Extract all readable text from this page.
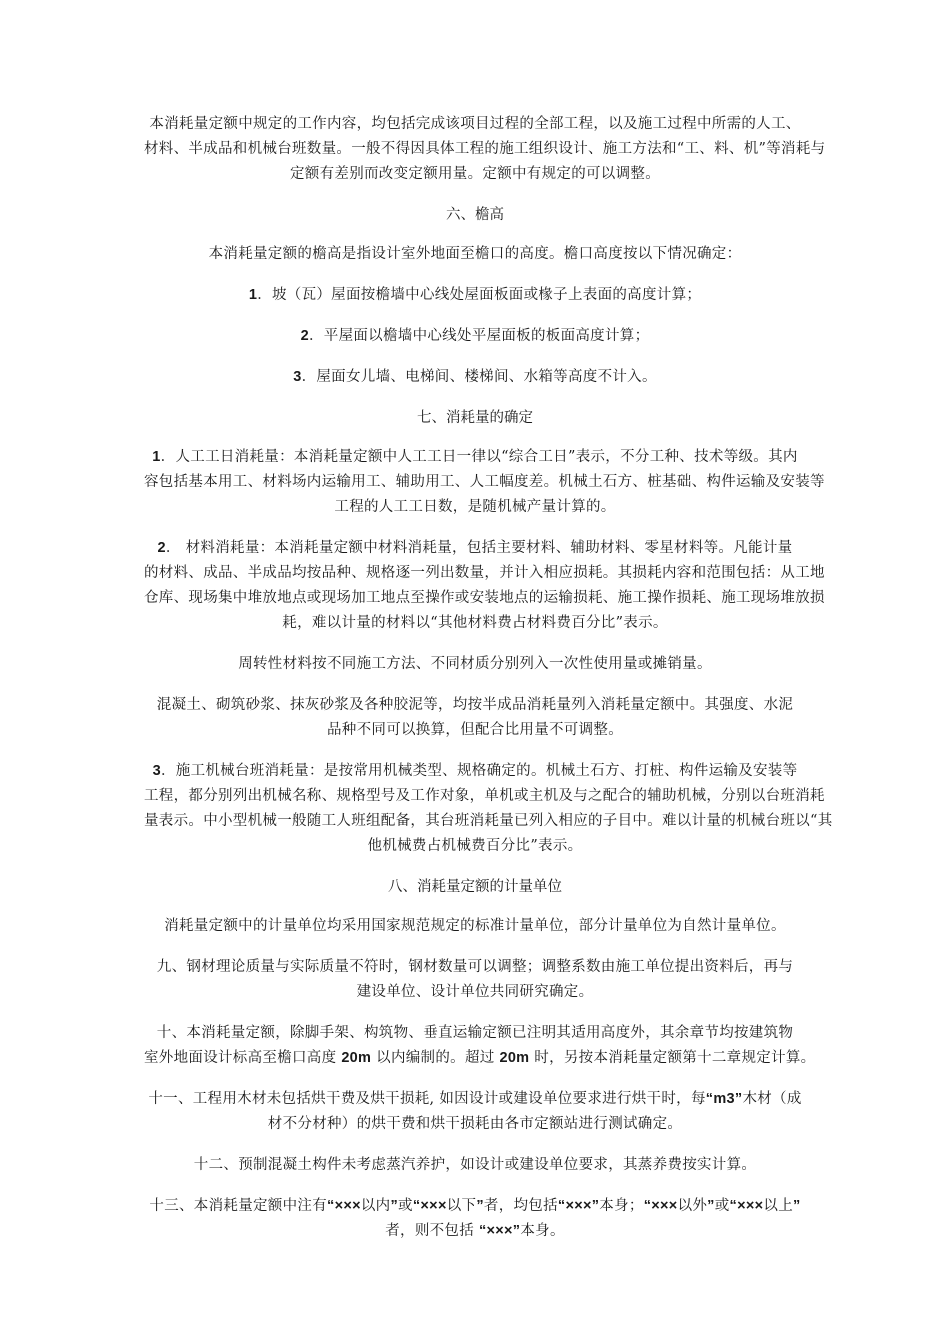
本消耗量定额中规定的工作内容，均包括完成该项目过程的全部工程，以及施工过程中所需的人工、
材料、半成品和机械台班数量。一般不得因具体工程的施工组织设计、施工方法和“工、料、机”等消耗与
定额有差别而改变定额用量。定额中有规定的可以调整。

六、檐高

本消耗量定额的檐高是指设计室外地面至檐口的高度。檐口高度按以下情况确定：

1．坡（瓦）屋面按檐墙中心线处屋面板面或椽子上表面的高度计算；

2．平屋面以檐墙中心线处平屋面板的板面高度计算；

3．屋面女儿墙、电梯间、楼梯间、水箱等高度不计入。

七、消耗量的确定

1．人工工日消耗量：本消耗量定额中人工工日一律以“综合工日”表示，不分工种、技术等级。其内
容包括基本用工、材料场内运输用工、辅助用工、人工幅度差。机械土石方、桩基础、构件运输及安装等
工程的人工工日数，是随机械产量计算的。

2． 材料消耗量：本消耗量定额中材料消耗量，包括主要材料、辅助材料、零星材料等。凡能计量
的材料、成品、半成品均按品种、规格逐一列出数量，并计入相应损耗。其损耗内容和范围包括：从工地
仓库、现场集中堆放地点或现场加工地点至操作或安装地点的运输损耗、施工操作损耗、施工现场堆放损
耗，难以计量的材料以“其他材料费占材料费百分比”表示。

周转性材料按不同施工方法、不同材质分别列入一次性使用量或摊销量。

混凝土、砌筑砂浆、抹灰砂浆及各种胶泥等，均按半成品消耗量列入消耗量定额中。其强度、水泥
品种不同可以换算，但配合比用量不可调整。

3．施工机械台班消耗量：是按常用机械类型、规格确定的。机械土石方、打桩、构件运输及安装等
工程，都分别列出机械名称、规格型号及工作对象，单机或主机及与之配合的辅助机械，分别以台班消耗
量表示。中小型机械一般随工人班组配备，其台班消耗量已列入相应的子目中。难以计量的机械台班以“其
他机械费占机械费百分比”表示。

八、消耗量定额的计量单位

消耗量定额中的计量单位均采用国家规范规定的标准计量单位，部分计量单位为自然计量单位。

九、钢材理论质量与实际质量不符时，钢材数量可以调整；调整系数由施工单位提出资料后，再与
建设单位、设计单位共同研究确定。

十、本消耗量定额，除脚手架、构筑物、垂直运输定额已注明其适用高度外，其余章节均按建筑物
室外地面设计标高至檐口高度 20m 以内编制的。超过 20m 时，另按本消耗量定额第十二章规定计算。

十一、工程用木材未包括烘干费及烘干损耗, 如因设计或建设单位要求进行烘干时，每“m3”木材（成
材不分材种）的烘干费和烘干损耗由各市定额站进行测试确定。

十二、预制混凝土构件未考虑蒸汽养护，如设计或建设单位要求，其蒸养费按实计算。

十三、本消耗量定额中注有“×××以内”或“×××以下”者，均包括“×××”本身；“×××以外”或“×××以上”
者，则不包括 “×××”本身。
